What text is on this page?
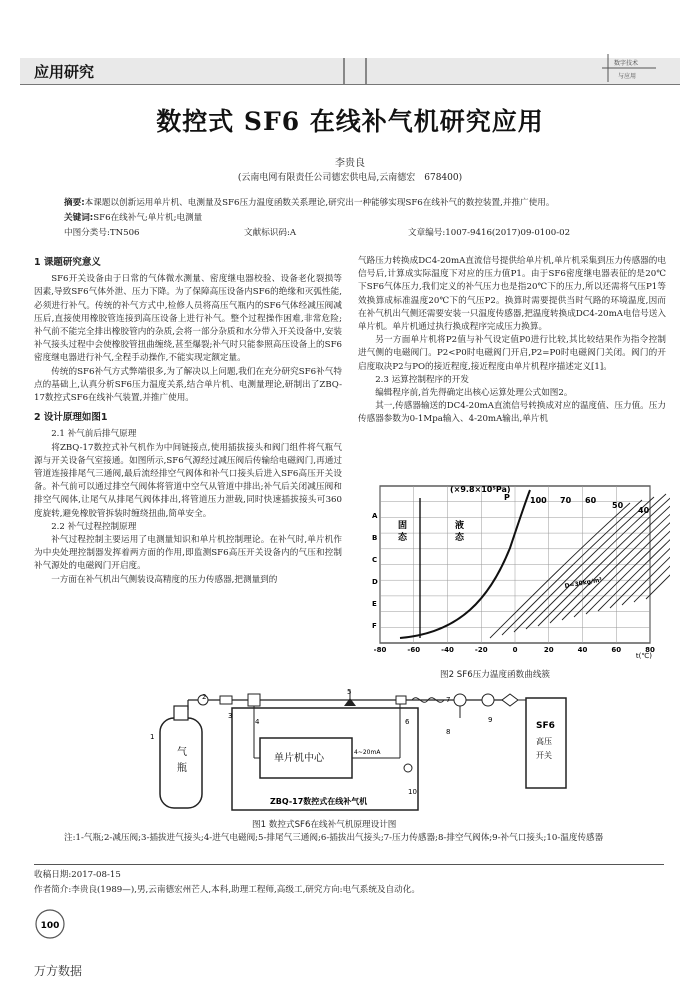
应用研究	数字技术
与应用
数控式 SF6 在线补气机研究应用
李贵良
(云南电网有限责任公司德宏供电局,云南德宏　678400)
摘要:本课题以创新运用单片机、电测量及SF6压力温度函数关系理论,研究出一种能够实现SF6在线补气的数控装置,并推广使用。
关键词:SF6在线补气;单片机;电测量
中图分类号:TN506	文献标识码:A	文章编号:1007-9416(2017)09-0100-02
1 课题研究意义

SF6开关设备由于日常的气体微水测量、密度继电器校验、设备老化裂损等因素,导致SF6气体外泄、压力下降。为了保障高压设备内SF6的绝缘和灭弧性能,必须进行补气。传统的补气方式中,检修人员将高压气瓶内的SF6气体经减压阀减压后,直接使用橡胶管连接到高压设备上进行补气。整个过程操作困难,非常危险;补气前不能完全排出橡胶管内的杂质,会将一部分杂质和水分带入开关设备中,安装补气接头过程中会使橡胶管扭曲缠绕,甚至爆裂;补气时只能参照高压设备上的SF6密度继电器进行补气,全程手动操作,不能实现定额定量。

传统的SF6补气方式弊端很多,为了解决以上问题,我们在充分研究SF6补气特点的基础上,认真分析SF6压力温度关系,结合单片机、电测量理论,研制出了ZBQ-17数控式SF6在线补气装置,并推广使用。

2 设计原理如图1
2.1 补气前后排气原理

将ZBQ-17数控式补气机作为中间链接点,使用插拔接头和阀门组件将气瓶气源与开关设备气室接通。如图所示,SF6气源经过减压阀后传输给电磁阀门,再通过管道连接排尾气三通阀,最后流经排空气阀体和补气口接头后进入SF6高压开关设备。补气前可以通过排空气阀体将管道中空气从管道中排出;补气后关闭减压阀和排空气阀体,让尾气从排尾气阀体排出,将管道压力泄载,同时快速插拔接头可360度旋转,避免橡胶管拆装时缠绕扭曲,简单安全。

2.2 补气过程控制原理

补气过程控制主要运用了电测量知识和单片机控制理论。在补气时,单片机作为中央处理控制器发挥着两方面的作用,即监测SF6高压开关设备内的气压和控制补气源处的电磁阀门开启度。

一方面在补气机出气侧装设高精度的压力传感器,把测量到的

气路压力转换成DC4-20mA直流信号提供给单片机,单片机采集到压力传感器的电信号后,计算成实际温度下对应的压力值P1。由于SF6密度继电器表征的是20℃下SF6气体压力,我们定义的补气压力也是指20℃下的压力,所以还需将气压P1等效换算成标准温度20℃下的气压P2。换算时需要提供当时气路的环境温度,因而在补气机出气侧还需要安装一只温度传感器,把温度转换成DC4-20mA电信号送入单片机。单片机通过执行换成程序完成压力换算。

另一方面单片机将P2值与补气设定值P0进行比较,其比较结果作为指令控制进气侧的电磁阀门。P2<P0时电磁阀门开启,P2=P0时电磁阀门关闭。阀门的开启度取决P2与PO的接近程度,接近程度由单片机程序描述定义[1]。

2.3 运算控制程序的开发

编辑程序前,首先得确定出核心运算处理公式如图2。

其一,传感器输送的DC4-20mA直流信号转换成对应的温度值、压力值。压力传感器参数为0-1Mpa输入、4-20mA输出,单片机

(×9.8×10⁵Pa)
P
固
态
液
态
D=30kg/m³
100 70 60
50
40
A
B
C
D
E
F
-80	-60	-40	-20	0	20	40	60	80
t(℃)
图2 SF6压力温度函数曲线簇
气
瓶
ZBQ-17数控式在线补气机
单片机中心
4~20mA
SF6
高压
开关
1
2
3
4
5
6
7
8
9
10
图1 数控式SF6在线补气机原理设计图
注:1-气瓶;2-减压阀;3-插拔进气接头;4-进气电磁阀;5-排尾气三通阀;6-插拔出气接头;7-压力传感器;8-排空气阀体;9-补气口接头;10-温度传感器
收稿日期:2017-08-15
作者简介:李贵良(1989—),男,云南德宏州芒人,本科,助理工程师,高级工,研究方向:电气系统及自动化。
100
万方数据
